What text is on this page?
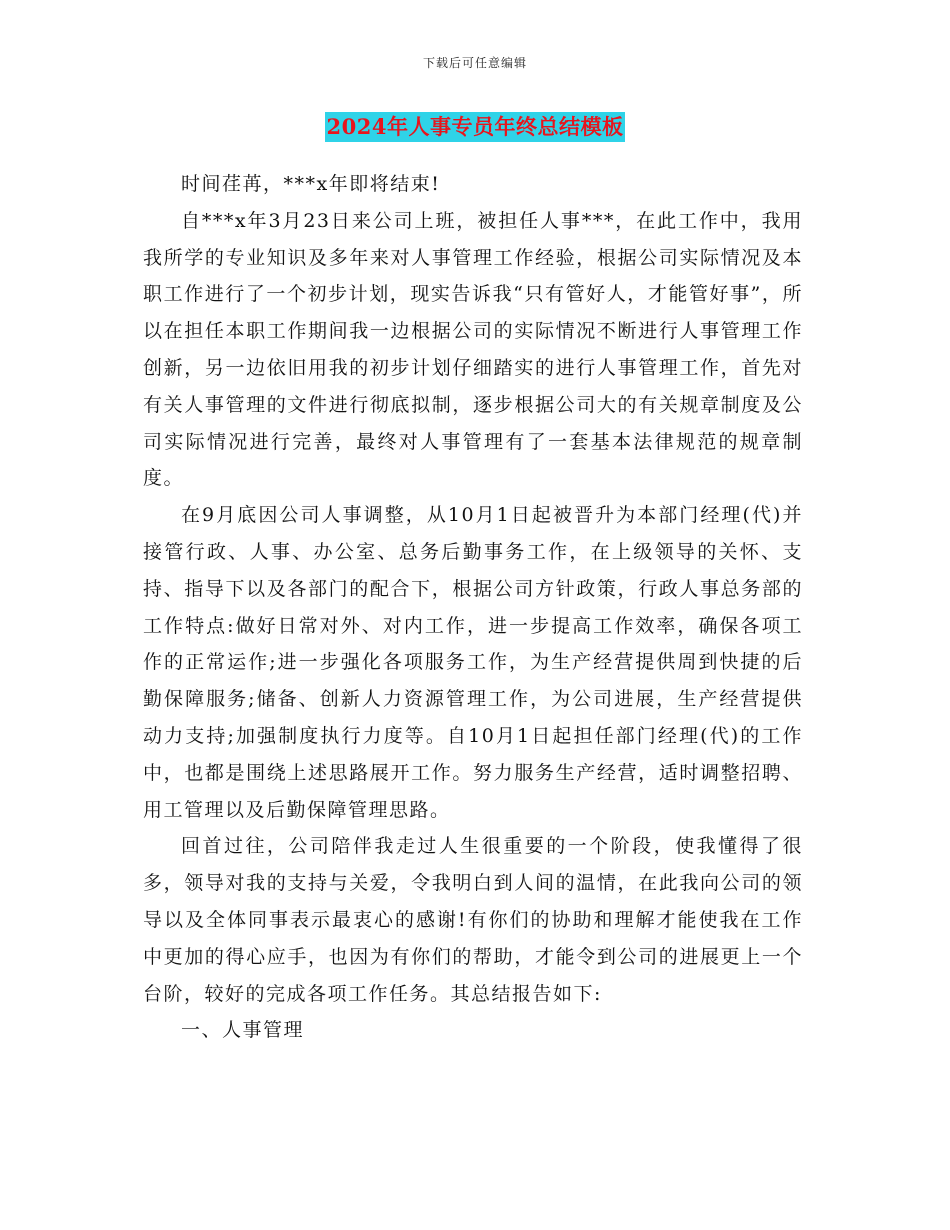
下载后可任意编辑
2024年人事专员年终总结模板

时间荏苒，***x年即将结束!

自***x年3月23日来公司上班，被担任人事***，在此工作中，我用我所学的专业知识及多年来对人事管理工作经验，根据公司实际情况及本职工作进行了一个初步计划，现实告诉我“只有管好人，才能管好事”，所以在担任本职工作期间我一边根据公司的实际情况不断进行人事管理工作创新，另一边依旧用我的初步计划仔细踏实的进行人事管理工作，首先对有关人事管理的文件进行彻底拟制，逐步根据公司大的有关规章制度及公司实际情况进行完善，最终对人事管理有了一套基本法律规范的规章制度。

在9月底因公司人事调整，从10月1日起被晋升为本部门经理(代)并接管行政、人事、办公室、总务后勤事务工作，在上级领导的关怀、支持、指导下以及各部门的配合下，根据公司方针政策，行政人事总务部的工作特点:做好日常对外、对内工作，进一步提高工作效率，确保各项工作的正常运作;进一步强化各项服务工作，为生产经营提供周到快捷的后勤保障服务;储备、创新人力资源管理工作，为公司进展，生产经营提供动力支持;加强制度执行力度等。自10月1日起担任部门经理(代)的工作中，也都是围绕上述思路展开工作。努力服务生产经营，适时调整招聘、用工管理以及后勤保障管理思路。

回首过往，公司陪伴我走过人生很重要的一个阶段，使我懂得了很多，领导对我的支持与关爱，令我明白到人间的温情，在此我向公司的领导以及全体同事表示最衷心的感谢!有你们的协助和理解才能使我在工作中更加的得心应手，也因为有你们的帮助，才能令到公司的进展更上一个台阶，较好的完成各项工作任务。其总结报告如下:

一、人事管理
